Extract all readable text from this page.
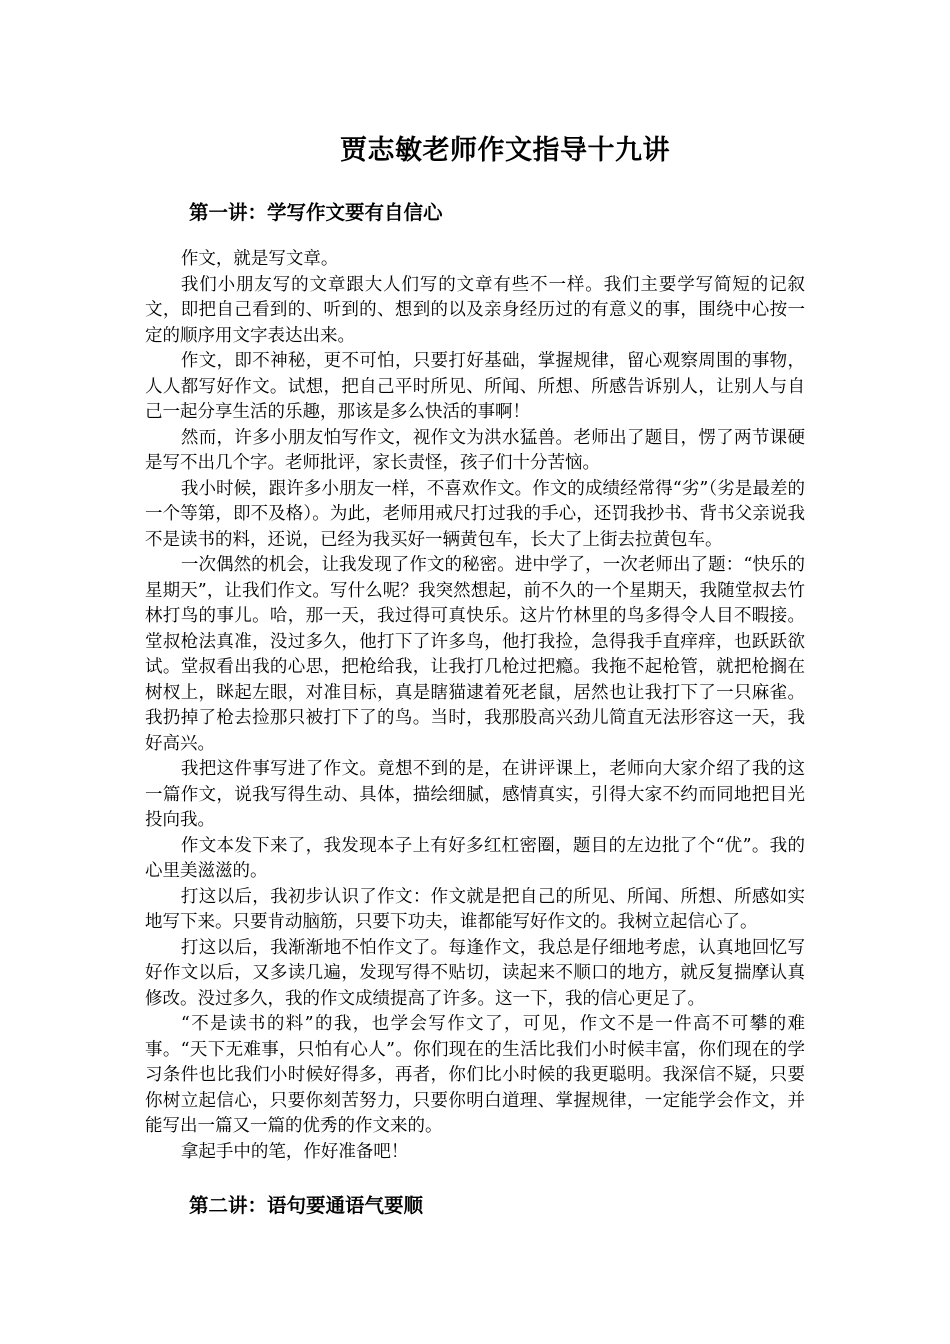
贾志敏老师作文指导十九讲
第一讲：学写作文要有自信心

作文，就是写文章。

我们小朋友写的文章跟大人们写的文章有些不一样。我们主要学写简短的记叙文，即把自己看到的、听到的、想到的以及亲身经历过的有意义的事，围绕中心按一定的顺序用文字表达出来。

作文，即不神秘，更不可怕，只要打好基础，掌握规律，留心观察周围的事物，人人都写好作文。试想，把自己平时所见、所闻、所想、所感告诉别人，让别人与自己一起分享生活的乐趣，那该是多么快活的事啊！

然而，许多小朋友怕写作文，视作文为洪水猛兽。老师出了题目，愣了两节课硬是写不出几个字。老师批评，家长责怪，孩子们十分苦恼。

我小时候，跟许多小朋友一样，不喜欢作文。作文的成绩经常得“劣”（劣是最差的一个等第，即不及格）。为此，老师用戒尺打过我的手心，还罚我抄书、背书父亲说我不是读书的料，还说，已经为我买好一辆黄包车，长大了上街去拉黄包车。

一次偶然的机会，让我发现了作文的秘密。进中学了，一次老师出了题：“快乐的星期天”，让我们作文。写什么呢？我突然想起，前不久的一个星期天，我随堂叔去竹林打鸟的事儿。哈，那一天，我过得可真快乐。这片竹林里的鸟多得令人目不暇接。堂叔枪法真准，没过多久，他打下了许多鸟，他打我捡，急得我手直痒痒，也跃跃欲试。堂叔看出我的心思，把枪给我，让我打几枪过把瘾。我拖不起枪管，就把枪搁在树杈上，眯起左眼，对准目标，真是瞎猫逮着死老鼠，居然也让我打下了一只麻雀。我扔掉了枪去捡那只被打下了的鸟。当时，我那股高兴劲儿简直无法形容这一天，我好高兴。

我把这件事写进了作文。竟想不到的是，在讲评课上，老师向大家介绍了我的这一篇作文，说我写得生动、具体，描绘细腻，感情真实，引得大家不约而同地把目光投向我。

作文本发下来了，我发现本子上有好多红杠密圈，题目的左边批了个“优”。我的心里美滋滋的。

打这以后，我初步认识了作文：作文就是把自己的所见、所闻、所想、所感如实地写下来。只要肯动脑筋，只要下功夫，谁都能写好作文的。我树立起信心了。

打这以后，我渐渐地不怕作文了。每逢作文，我总是仔细地考虑，认真地回忆写好作文以后，又多读几遍，发现写得不贴切，读起来不顺口的地方，就反复揣摩认真修改。没过多久，我的作文成绩提高了许多。这一下，我的信心更足了。

“不是读书的料”的我，也学会写作文了，可见，作文不是一件高不可攀的难事。“天下无难事，只怕有心人”。你们现在的生活比我们小时候丰富，你们现在的学习条件也比我们小时候好得多，再者，你们比小时候的我更聪明。我深信不疑，只要你树立起信心，只要你刻苦努力，只要你明白道理、掌握规律，一定能学会作文，并能写出一篇又一篇的优秀的作文来的。

拿起手中的笔，作好准备吧！

第二讲：语句要通语气要顺
